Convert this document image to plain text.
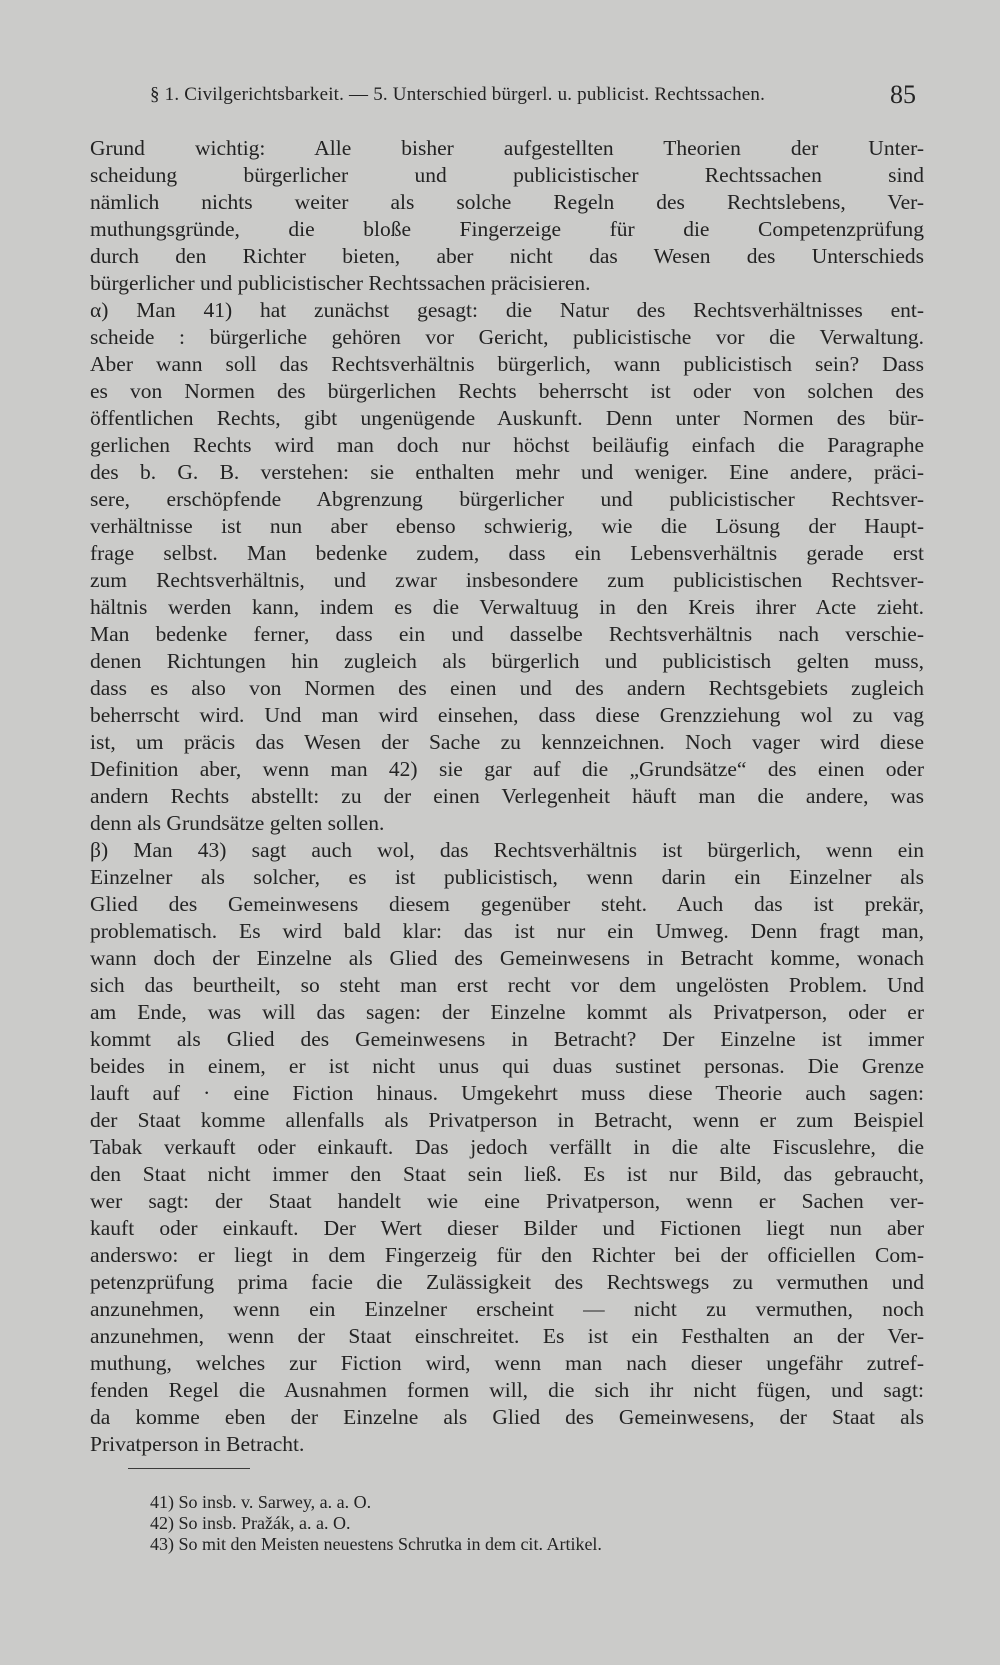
§ 1. Civilgerichtsbarkeit. — 5. Unterschied bürgerl. u. publicist. Rechtssachen.	85
Grund wichtig: Alle bisher aufgestellten Theorien der Unter-
scheidung bürgerlicher und publicistischer Rechtssachen sind
nämlich nichts weiter als solche Regeln des Rechtslebens, Ver-
muthungsgründe, die bloße Fingerzeige für die Competenzprüfung
durch den Richter bieten, aber nicht das Wesen des Unterschieds
bürgerlicher und publicistischer Rechtssachen präcisieren.
α) Man 41) hat zunächst gesagt: die Natur des Rechtsverhältnisses ent-
scheide : bürgerliche gehören vor Gericht, publicistische vor die Verwaltung.
Aber wann soll das Rechtsverhältnis bürgerlich, wann publicistisch sein? Dass
es von Normen des bürgerlichen Rechts beherrscht ist oder von solchen des
öffentlichen Rechts, gibt ungenügende Auskunft. Denn unter Normen des bür-
gerlichen Rechts wird man doch nur höchst beiläufig einfach die Paragraphe
des b. G. B. verstehen: sie enthalten mehr und weniger. Eine andere, präci-
sere, erschöpfende Abgrenzung bürgerlicher und publicistischer Rechtsver-
verhältnisse ist nun aber ebenso schwierig, wie die Lösung der Haupt-
frage selbst. Man bedenke zudem, dass ein Lebensverhältnis gerade erst
zum Rechtsverhältnis, und zwar insbesondere zum publicistischen Rechtsver-
hältnis werden kann, indem es die Verwaltuug in den Kreis ihrer Acte zieht.
Man bedenke ferner, dass ein und dasselbe Rechtsverhältnis nach verschie-
denen Richtungen hin zugleich als bürgerlich und publicistisch gelten muss,
dass es also von Normen des einen und des andern Rechtsgebiets zugleich
beherrscht wird. Und man wird einsehen, dass diese Grenzziehung wol zu vag
ist, um präcis das Wesen der Sache zu kennzeichnen. Noch vager wird diese
Definition aber, wenn man 42) sie gar auf die „Grundsätze“ des einen oder
andern Rechts abstellt: zu der einen Verlegenheit häuft man die andere, was
denn als Grundsätze gelten sollen.
β) Man 43) sagt auch wol, das Rechtsverhältnis ist bürgerlich, wenn ein
Einzelner als solcher, es ist publicistisch, wenn darin ein Einzelner als
Glied des Gemeinwesens diesem gegenüber steht. Auch das ist prekär,
problematisch. Es wird bald klar: das ist nur ein Umweg. Denn fragt man,
wann doch der Einzelne als Glied des Gemeinwesens in Betracht komme, wonach
sich das beurtheilt, so steht man erst recht vor dem ungelösten Problem. Und
am Ende, was will das sagen: der Einzelne kommt als Privatperson, oder er
kommt als Glied des Gemeinwesens in Betracht? Der Einzelne ist immer
beides in einem, er ist nicht unus qui duas sustinet personas. Die Grenze
lauft auf · eine Fiction hinaus. Umgekehrt muss diese Theorie auch sagen:
der Staat komme allenfalls als Privatperson in Betracht, wenn er zum Beispiel
Tabak verkauft oder einkauft. Das jedoch verfällt in die alte Fiscuslehre, die
den Staat nicht immer den Staat sein ließ. Es ist nur Bild, das gebraucht,
wer sagt: der Staat handelt wie eine Privatperson, wenn er Sachen ver-
kauft oder einkauft. Der Wert dieser Bilder und Fictionen liegt nun aber
anderswo: er liegt in dem Fingerzeig für den Richter bei der officiellen Com-
petenzprüfung prima facie die Zulässigkeit des Rechtswegs zu vermuthen und
anzunehmen, wenn ein Einzelner erscheint — nicht zu vermuthen, noch
anzunehmen, wenn der Staat einschreitet. Es ist ein Festhalten an der Ver-
muthung, welches zur Fiction wird, wenn man nach dieser ungefähr zutref-
fenden Regel die Ausnahmen formen will, die sich ihr nicht fügen, und sagt:
da komme eben der Einzelne als Glied des Gemeinwesens, der Staat als
Privatperson in Betracht.
41) So insb. v. Sarwey, a. a. O.
42) So insb. Pražák, a. a. O.
43) So mit den Meisten neuestens Schrutka in dem cit. Artikel.
